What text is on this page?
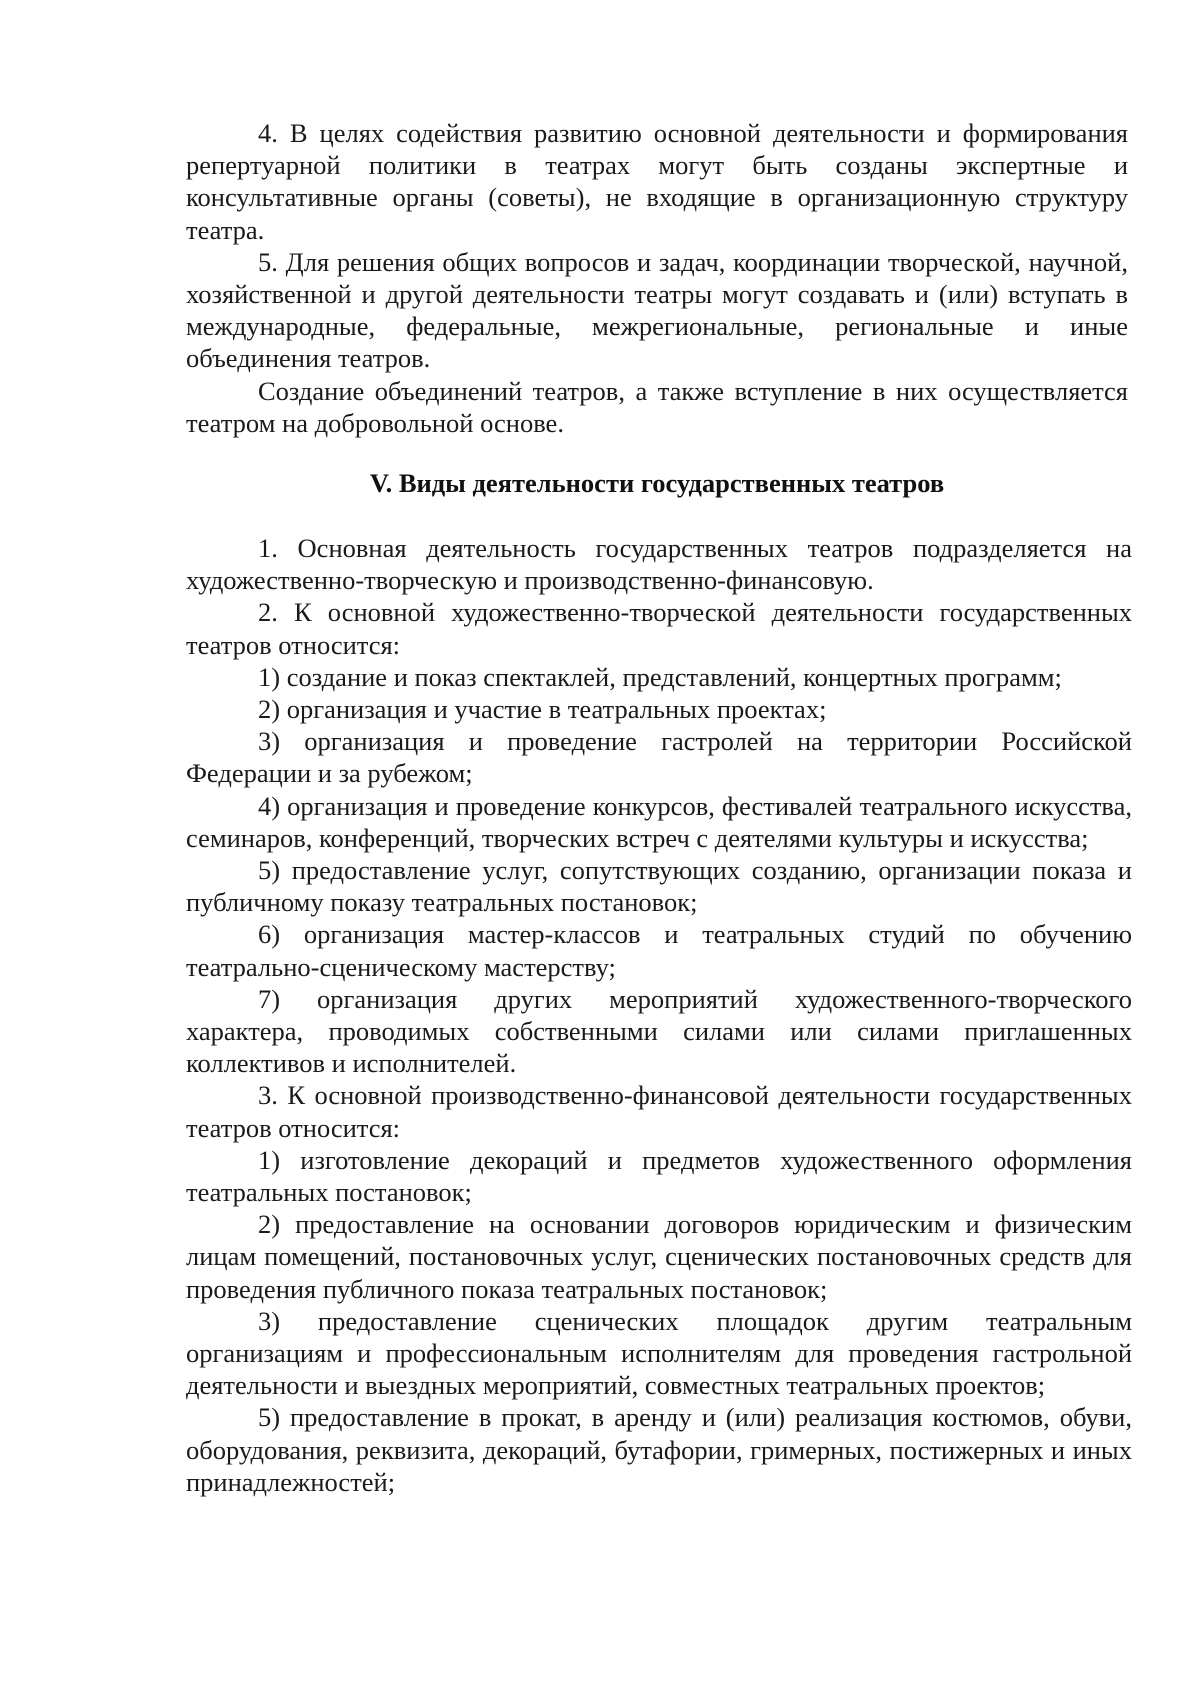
4. В целях содействия развитию основной деятельности и формирования репертуарной политики в театрах могут быть созданы экспертные и консультативные органы (советы), не входящие в организационную структуру театра.

5. Для решения общих вопросов и задач, координации творческой, научной, хозяйственной и другой деятельности театры могут создавать и (или) вступать в международные, федеральные, межрегиональные, региональные и иные объединения театров.

Создание объединений театров, а также вступление в них осуществляется театром на добровольной основе.

V. Виды деятельности государственных театров

1. Основная деятельность государственных театров подразделяется на художественно-творческую и производственно-финансовую.

2. К основной художественно-творческой деятельности государственных театров относится:

1) создание и показ спектаклей, представлений, концертных программ;

2) организация и участие в театральных проектах;

3) организация и проведение гастролей на территории Российской Федерации и за рубежом;

4) организация и проведение конкурсов, фестивалей театрального искусства, семинаров, конференций, творческих встреч с деятелями культуры и искусства;

5) предоставление услуг, сопутствующих созданию, организации показа и публичному показу театральных постановок;

6) организация мастер-классов и театральных студий по обучению театрально-сценическому мастерству;

7) организация других мероприятий художественного-творческого характера, проводимых собственными силами или силами приглашенных коллективов и исполнителей.

3. К основной производственно-финансовой деятельности государственных театров относится:

1) изготовление декораций и предметов художественного оформления театральных постановок;

2) предоставление на основании договоров юридическим и физическим лицам помещений, постановочных услуг, сценических постановочных средств для проведения публичного показа театральных постановок;

3) предоставление сценических площадок другим театральным организациям и профессиональным исполнителям для проведения гастрольной деятельности и выездных мероприятий, совместных театральных проектов;

5) предоставление в прокат, в аренду и (или) реализация костюмов, обуви, оборудования, реквизита, декораций, бутафории, гримерных, постижерных и иных принадлежностей;
